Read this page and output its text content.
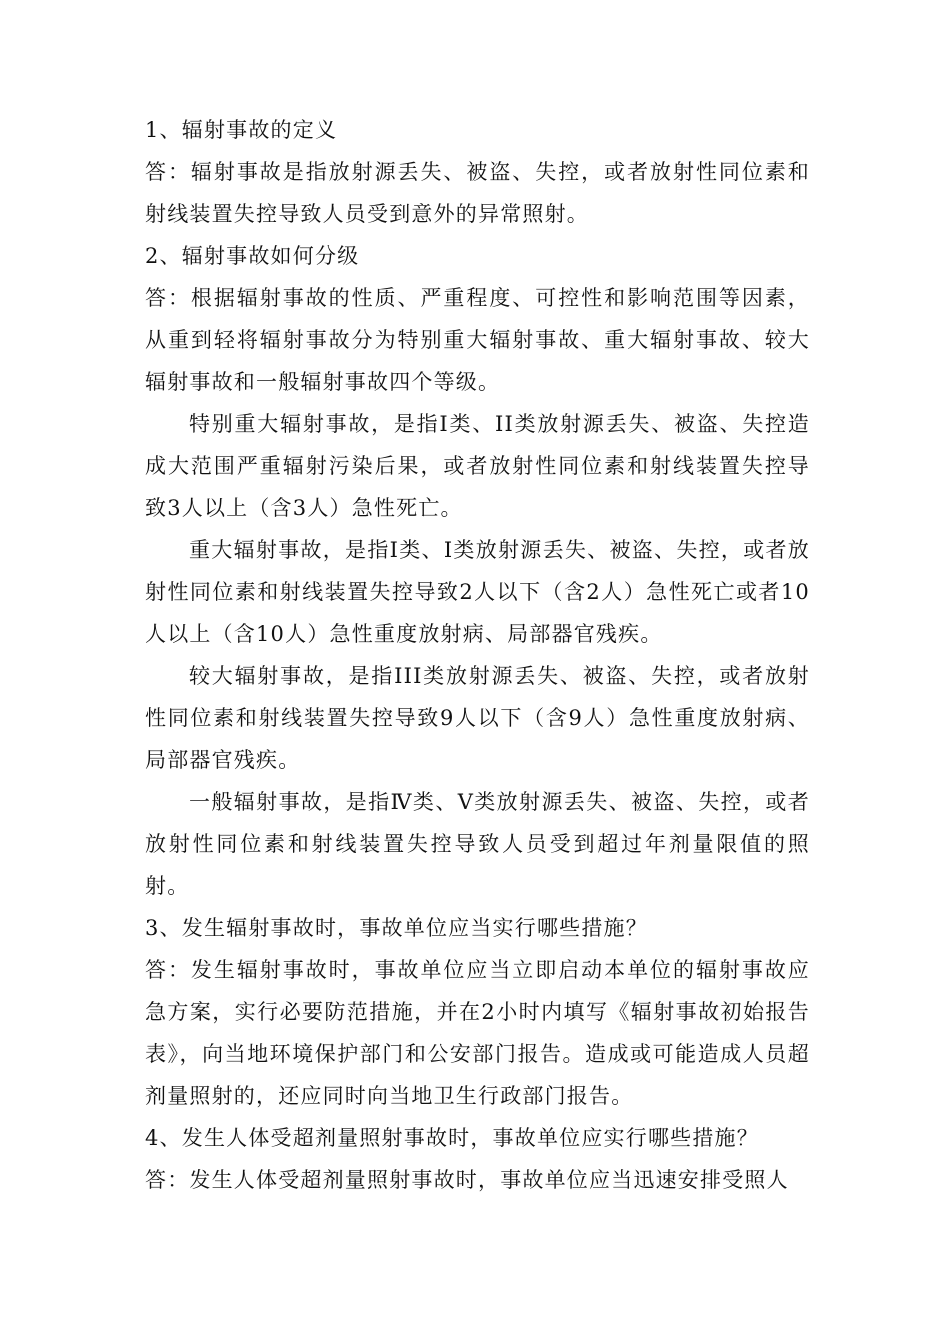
1、辐射事故的定义

答：辐射事故是指放射源丢失、被盗、失控，或者放射性同位素和射线装置失控导致人员受到意外的异常照射。

2、辐射事故如何分级

答：根据辐射事故的性质、严重程度、可控性和影响范围等因素，从重到轻将辐射事故分为特别重大辐射事故、重大辐射事故、较大辐射事故和一般辐射事故四个等级。

特别重大辐射事故，是指Ⅰ类、II类放射源丢失、被盗、失控造成大范围严重辐射污染后果，或者放射性同位素和射线装置失控导致3人以上（含3人）急性死亡。

重大辐射事故，是指Ⅰ类、Ⅰ类放射源丢失、被盗、失控，或者放射性同位素和射线装置失控导致2人以下（含2人）急性死亡或者10人以上（含10人）急性重度放射病、局部器官残疾。

较大辐射事故，是指III类放射源丢失、被盗、失控，或者放射性同位素和射线装置失控导致9人以下（含9人）急性重度放射病、局部器官残疾。

一般辐射事故，是指Ⅳ类、Ⅴ类放射源丢失、被盗、失控，或者放射性同位素和射线装置失控导致人员受到超过年剂量限值的照射。

3、发生辐射事故时，事故单位应当实行哪些措施？

答：发生辐射事故时，事故单位应当立即启动本单位的辐射事故应急方案，实行必要防范措施，并在2小时内填写《辐射事故初始报告表》，向当地环境保护部门和公安部门报告。造成或可能造成人员超剂量照射的，还应同时向当地卫生行政部门报告。

4、发生人体受超剂量照射事故时，事故单位应实行哪些措施？

答：发生人体受超剂量照射事故时，事故单位应当迅速安排受照人
